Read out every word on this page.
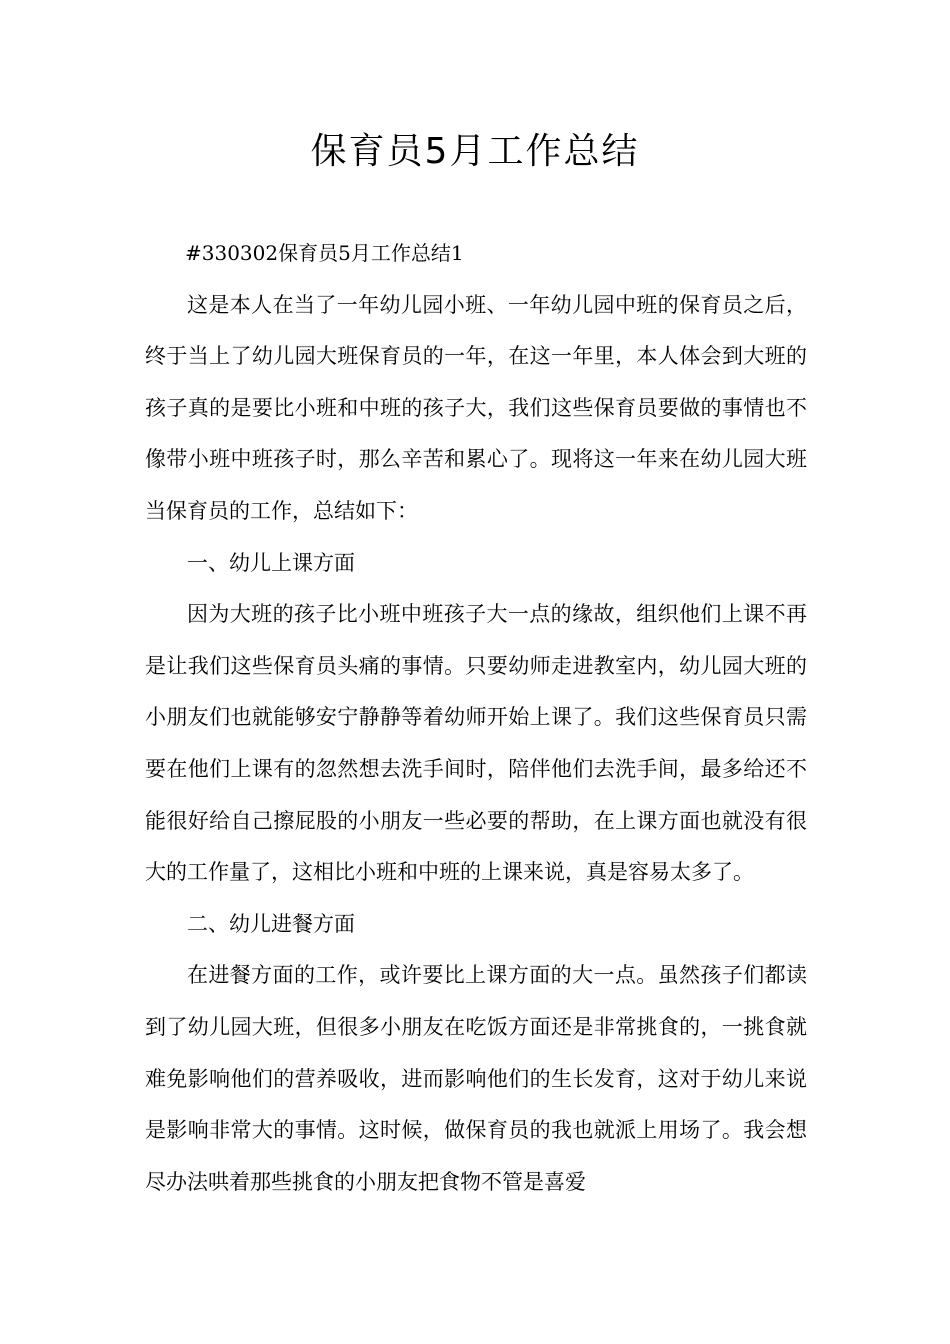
保育员5月工作总结

#330302保育员5月工作总结1

这是本人在当了一年幼儿园小班、一年幼儿园中班的保育员之后，终于当上了幼儿园大班保育员的一年，在这一年里，本人体会到大班的孩子真的是要比小班和中班的孩子大，我们这些保育员要做的事情也不像带小班中班孩子时，那么辛苦和累心了。现将这一年来在幼儿园大班当保育员的工作，总结如下：

一、幼儿上课方面

因为大班的孩子比小班中班孩子大一点的缘故，组织他们上课不再是让我们这些保育员头痛的事情。只要幼师走进教室内，幼儿园大班的小朋友们也就能够安宁静静等着幼师开始上课了。我们这些保育员只需要在他们上课有的忽然想去洗手间时，陪伴他们去洗手间，最多给还不能很好给自己擦屁股的小朋友一些必要的帮助，在上课方面也就没有很大的工作量了，这相比小班和中班的上课来说，真是容易太多了。

二、幼儿进餐方面

在进餐方面的工作，或许要比上课方面的大一点。虽然孩子们都读到了幼儿园大班，但很多小朋友在吃饭方面还是非常挑食的，一挑食就难免影响他们的营养吸收，进而影响他们的生长发育，这对于幼儿来说是影响非常大的事情。这时候，做保育员的我也就派上用场了。我会想尽办法哄着那些挑食的小朋友把食物不管是喜爱
